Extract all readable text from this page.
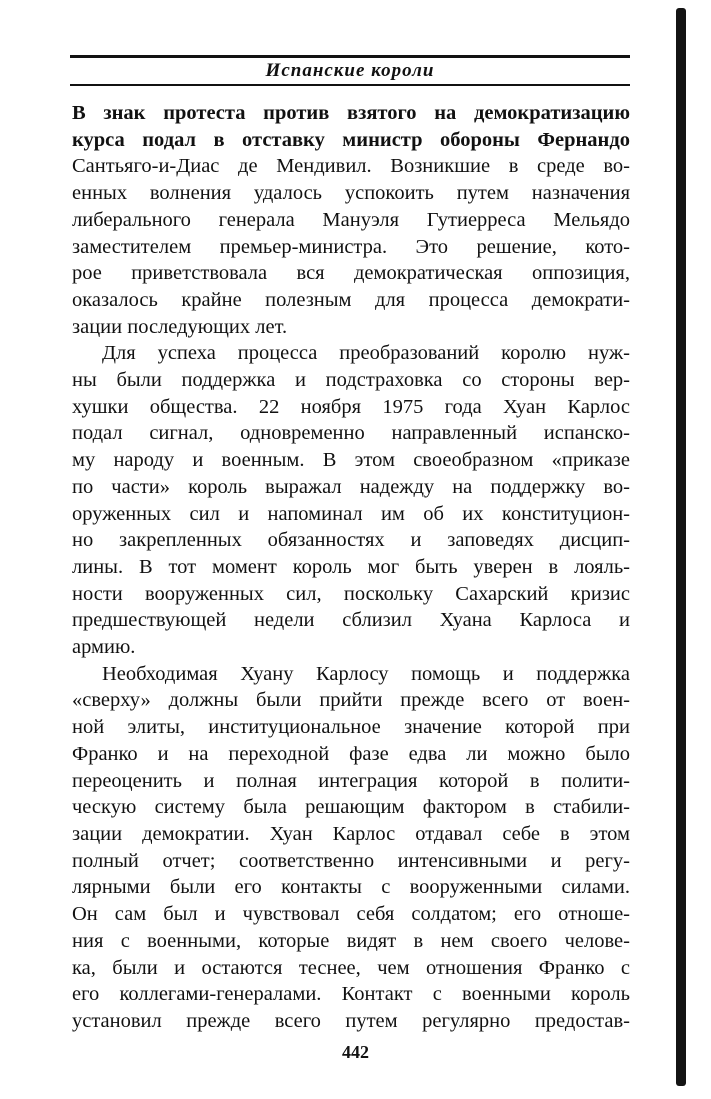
Испанские короли

В знак протеста против взятого на демократизацию
курса подал в отставку министр обороны Фернандо
Сантьяго-и-Диас де Мендивил. Возникшие в среде во-
енных волнения удалось успокоить путем назначения
либерального генерала Мануэля Гутиерреса Мельядо
заместителем премьер-министра. Это решение, кото-
рое приветствовала вся демократическая оппозиция,
оказалось крайне полезным для процесса демократи-
зации последующих лет.

Для успеха процесса преобразований королю нуж-
ны были поддержка и подстраховка со стороны вер-
хушки общества. 22 ноября 1975 года Хуан Карлос
подал сигнал, одновременно направленный испанско-
му народу и военным. В этом своеобразном «приказе
по части» король выражал надежду на поддержку во-
оруженных сил и напоминал им об их конституцион-
но закрепленных обязанностях и заповедях дисцип-
лины. В тот момент король мог быть уверен в лояль-
ности вооруженных сил, поскольку Сахарский кризис
предшествующей недели сблизил Хуана Карлоса и
армию.

Необходимая Хуану Карлосу помощь и поддержка
«сверху» должны были прийти прежде всего от воен-
ной элиты, институциональное значение которой при
Франко и на переходной фазе едва ли можно было
переоценить и полная интеграция которой в полити-
ческую систему была решающим фактором в стабили-
зации демократии. Хуан Карлос отдавал себе в этом
полный отчет; соответственно интенсивными и регу-
лярными были его контакты с вооруженными силами.
Он сам был и чувствовал себя солдатом; его отноше-
ния с военными, которые видят в нем своего челове-
ка, были и остаются теснее, чем отношения Франко с
его коллегами-генералами. Контакт с военными король
установил прежде всего путем регулярно предостав-

442
